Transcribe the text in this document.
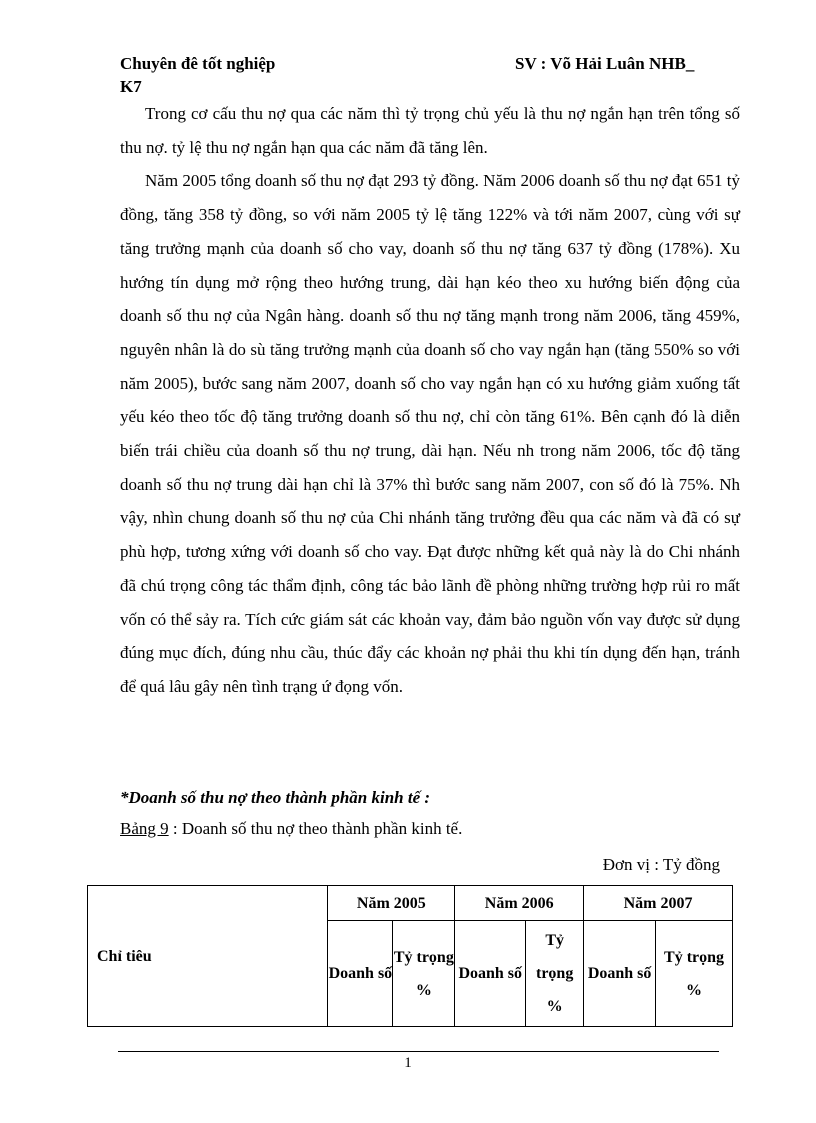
Chuyên đê tốt nghiệp	SV : Võ Hải Luân NHB_
K7

Trong cơ cấu thu nợ qua các năm thì tỷ trọng chủ yếu là thu nợ ngắn hạn trên tổng số thu nợ. tỷ lệ thu nợ ngắn hạn qua các năm đã tăng lên.

Năm 2005 tổng doanh số thu nợ đạt 293 tỷ đồng. Năm 2006 doanh số thu nợ đạt 651 tỷ đồng, tăng 358 tỷ đồng, so với năm 2005 tỷ lệ tăng 122% và tới năm 2007, cùng với sự tăng trưởng mạnh của doanh số cho vay, doanh số thu nợ tăng 637 tỷ đồng (178%). Xu hướng tín dụng mở rộng theo hướng trung, dài hạn kéo theo xu hướng biến động của doanh số thu nợ của Ngân hàng. doanh số thu nợ tăng mạnh trong năm 2006, tăng 459%, nguyên nhân là do sù tăng trưởng mạnh của doanh số cho vay ngắn hạn (tăng 550% so với năm 2005), bước sang năm 2007, doanh số cho vay ngắn hạn có xu hướng giảm xuống tất yếu kéo theo tốc độ tăng trưởng doanh số thu nợ, chỉ còn tăng 61%. Bên cạnh đó là diễn biến trái chiều của doanh số thu nợ trung, dài hạn. Nếu nh trong năm 2006, tốc độ tăng doanh số thu nợ trung dài hạn chỉ là 37% thì bước sang năm 2007, con số đó là 75%. Nh vậy, nhìn chung doanh số thu nợ của Chi nhánh tăng trưởng đều qua các năm và đã có sự phù hợp, tương xứng với doanh số cho vay. Đạt được những kết quả này là do Chi nhánh đã chú trọng công tác thẩm định, công tác bảo lãnh đề phòng những trường hợp rủi ro mất vốn có thể sảy ra. Tích cức giám sát các khoản vay, đảm bảo nguồn vốn vay được sử dụng đúng mục đích, đúng nhu cầu, thúc đẩy các khoản nợ phải thu khi tín dụng đến hạn, tránh để quá lâu gây nên tình trạng ứ đọng vốn.

*Doanh số thu nợ theo thành phần kinh tế :
Bảng 9 : Doanh số thu nợ theo thành phần kinh tế.
Đơn vị : Tỷ đồng
Chỉ tiêu	Năm 2005		Năm 2006		Năm 2007	
	Doanh số	Tỷ trọng %	Doanh số	Tỷ trọng %	Doanh số	Tỷ trọng %
1
